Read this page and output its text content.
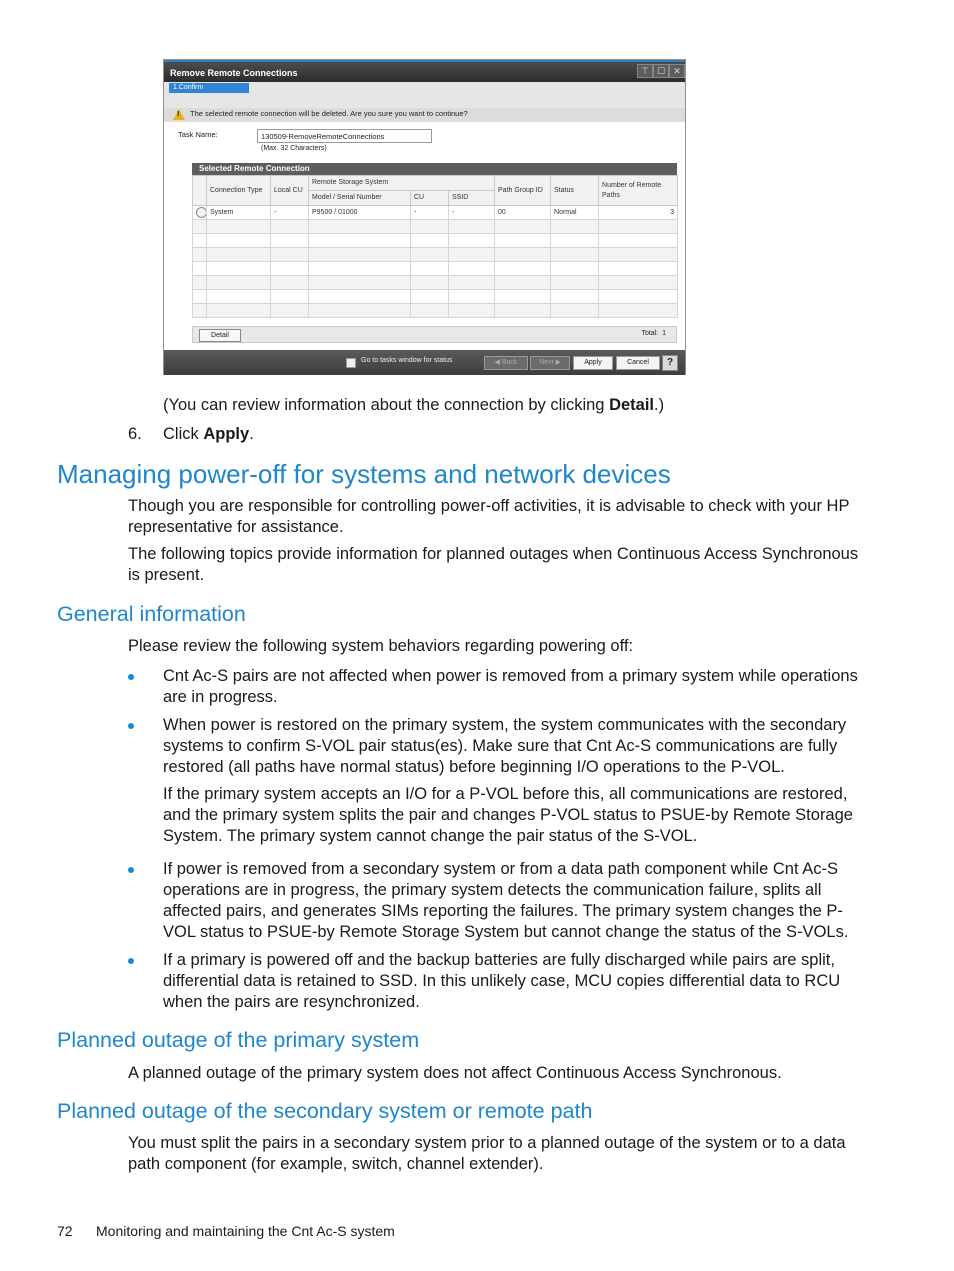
Remove Remote Connections	⊤ ☐ ✕
1.Confirm
! The selected remote connection will be deleted. Are you sure you want to continue?
Task Name:
130509-RemoveRemoteConnections
(Max. 32 Characters)
Selected Remote Connection
	Connection Type	Local CU	Remote Storage System			Path Group ID	Status	Number of Remote Paths
			Model / Serial Number	CU	SSID			
	System	-	P9500 / 01000	-	-	00	Normal	3

Detail	Total: 1
Go to tasks window for status	◀ Back	Next ▶	Apply	Cancel	?
(You can review information about the connection by clicking Detail.)
6. Click Apply.
Managing power-off for systems and network devices
Though you are responsible for controlling power-off activities, it is advisable to check with your HP representative for assistance.
The following topics provide information for planned outages when Continuous Access Synchronous is present.
General information
Please review the following system behaviors regarding powering off:
Cnt Ac-S pairs are not affected when power is removed from a primary system while operations are in progress.
When power is restored on the primary system, the system communicates with the secondary systems to confirm S-VOL pair status(es). Make sure that Cnt Ac-S communications are fully restored (all paths have normal status) before beginning I/O operations to the P-VOL.
If the primary system accepts an I/O for a P-VOL before this, all communications are restored, and the primary system splits the pair and changes P-VOL status to PSUE-by Remote Storage System. The primary system cannot change the pair status of the S-VOL.
If power is removed from a secondary system or from a data path component while Cnt Ac-S operations are in progress, the primary system detects the communication failure, splits all affected pairs, and generates SIMs reporting the failures. The primary system changes the P-VOL status to PSUE-by Remote Storage System but cannot change the status of the S-VOLs.
If a primary is powered off and the backup batteries are fully discharged while pairs are split, differential data is retained to SSD. In this unlikely case, MCU copies differential data to RCU when the pairs are resynchronized.
Planned outage of the primary system
A planned outage of the primary system does not affect Continuous Access Synchronous.
Planned outage of the secondary system or remote path
You must split the pairs in a secondary system prior to a planned outage of the system or to a data path component (for example, switch, channel extender).
72 Monitoring and maintaining the Cnt Ac-S system
